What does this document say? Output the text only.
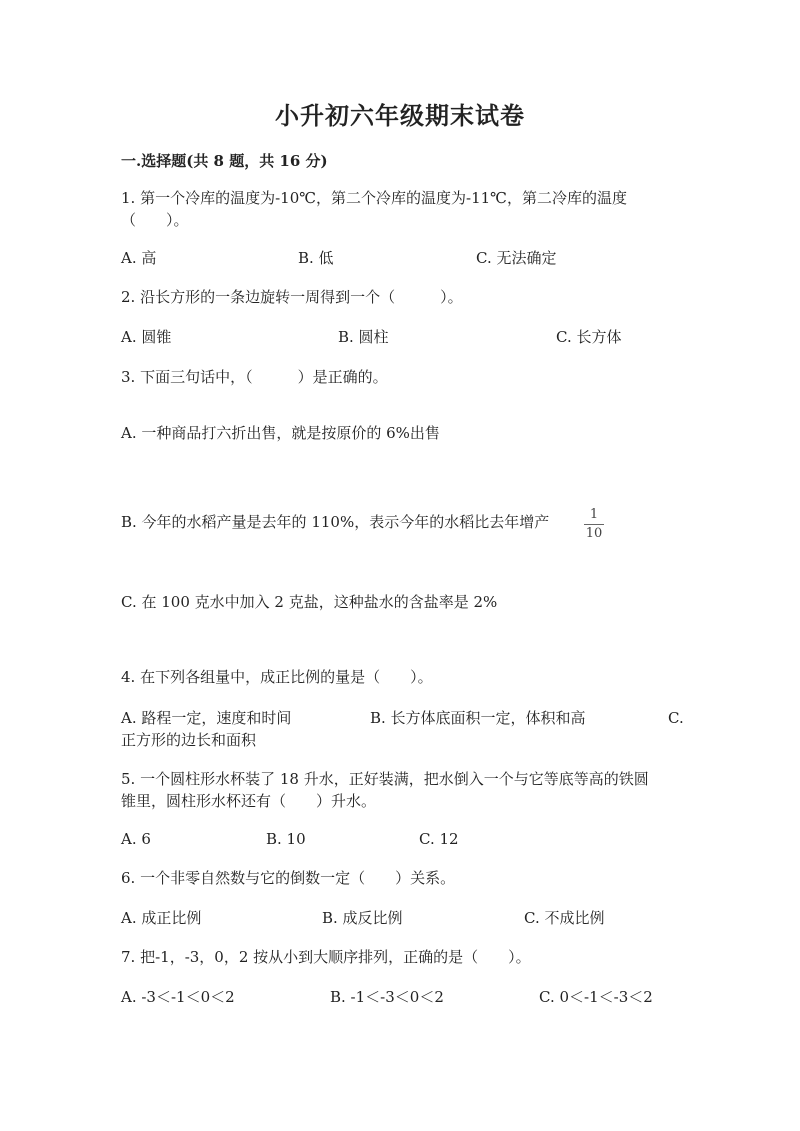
小升初六年级期末试卷
一.选择题(共 8 题，共 16 分)
1. 第一个冷库的温度为-10℃，第二个冷库的温度为-11℃，第二冷库的温度
（　　）。
A. 高	B. 低	C. 无法确定
2. 沿长方形的一条边旋转一周得到一个（　　　）。
A. 圆锥	B. 圆柱	C. 长方体
3. 下面三句话中，（　　　）是正确的。
A. 一种商品打六折出售，就是按原价的 6%出售
B. 今年的水稻产量是去年的 110%，表示今年的水稻比去年增产	1
10
C. 在 100 克水中加入 2 克盐，这种盐水的含盐率是 2%
4. 在下列各组量中，成正比例的量是（　　）。
A. 路程一定，速度和时间	B. 长方体底面积一定，体积和高	C.
正方形的边长和面积
5. 一个圆柱形水杯装了 18 升水，正好装满，把水倒入一个与它等底等高的铁圆
锥里，圆柱形水杯还有（　　）升水。
A. 6	B. 10	C. 12
6. 一个非零自然数与它的倒数一定（　　）关系。
A. 成正比例	B. 成反比例	C. 不成比例
7. 把-1，-3，0，2 按从小到大顺序排列，正确的是（　　）。
A. -3＜-1＜0＜2	B. -1＜-3＜0＜2	C. 0＜-1＜-3＜2
